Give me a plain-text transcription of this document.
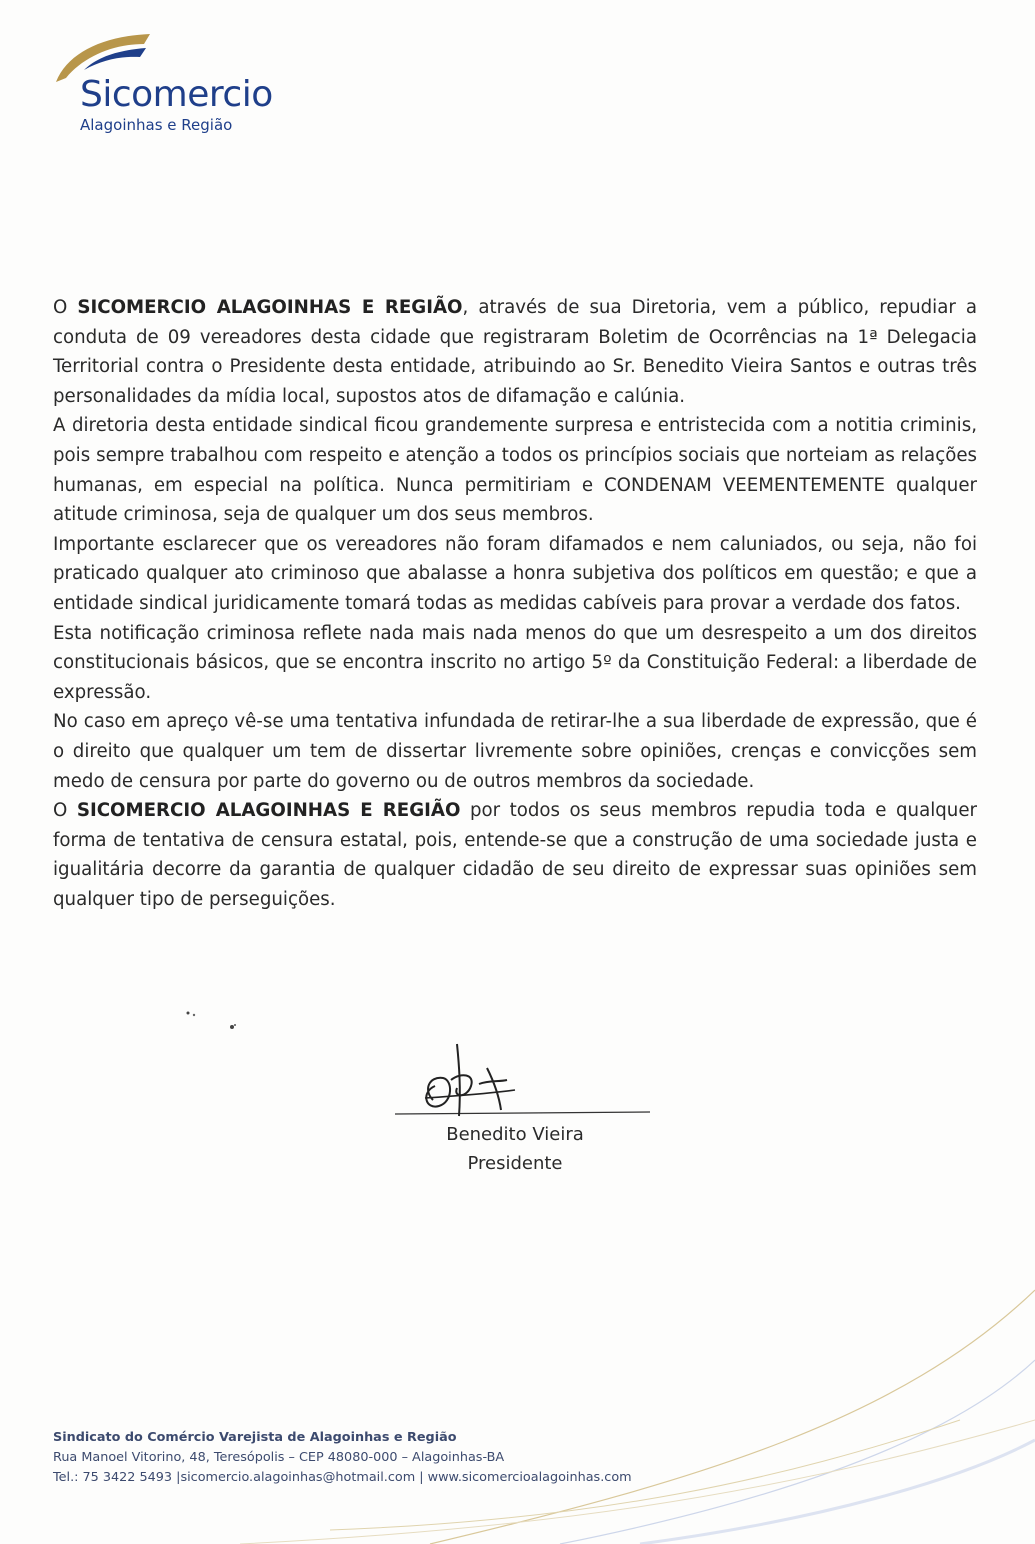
Sicomercio
Alagoinhas e Região

O SICOMERCIO ALAGOINHAS E REGIÃO, através de sua Diretoria, vem a público, repudiar a conduta de 09 vereadores desta cidade que registraram Boletim de Ocorrências na 1ª Delegacia Territorial contra o Presidente desta entidade, atribuindo ao Sr. Benedito Vieira Santos e outras três personalidades da mídia local, supostos atos de difamação e calúnia.

A diretoria desta entidade sindical ficou grandemente surpresa e entristecida com a notitia criminis, pois sempre trabalhou com respeito e atenção a todos os princípios sociais que norteiam as relações humanas, em especial na política. Nunca permitiriam e CONDENAM VEEMENTEMENTE qualquer atitude criminosa, seja de qualquer um dos seus membros.

Importante esclarecer que os vereadores não foram difamados e nem caluniados, ou seja, não foi praticado qualquer ato criminoso que abalasse a honra subjetiva dos políticos em questão; e que a entidade sindical juridicamente tomará todas as medidas cabíveis para provar a verdade dos fatos.

Esta notificação criminosa reflete nada mais nada menos do que um desrespeito a um dos direitos constitucionais básicos, que se encontra inscrito no artigo 5º da Constituição Federal: a liberdade de expressão.

No caso em apreço vê-se uma tentativa infundada de retirar-lhe a sua liberdade de expressão, que é o direito que qualquer um tem de dissertar livremente sobre opiniões, crenças e convicções sem medo de censura por parte do governo ou de outros membros da sociedade.

O SICOMERCIO ALAGOINHAS E REGIÃO por todos os seus membros repudia toda e qualquer forma de tentativa de censura estatal, pois, entende-se que a construção de uma sociedade justa e igualitária decorre da garantia de qualquer cidadão de seu direito de expressar suas opiniões sem qualquer tipo de perseguições.

Benedito Vieira
Presidente
Sindicato do Comércio Varejista de Alagoinhas e Região
Rua Manoel Vitorino, 48, Teresópolis – CEP 48080-000 – Alagoinhas-BA
Tel.: 75 3422 5493 |sicomercio.alagoinhas@hotmail.com | www.sicomercioalagoinhas.com
